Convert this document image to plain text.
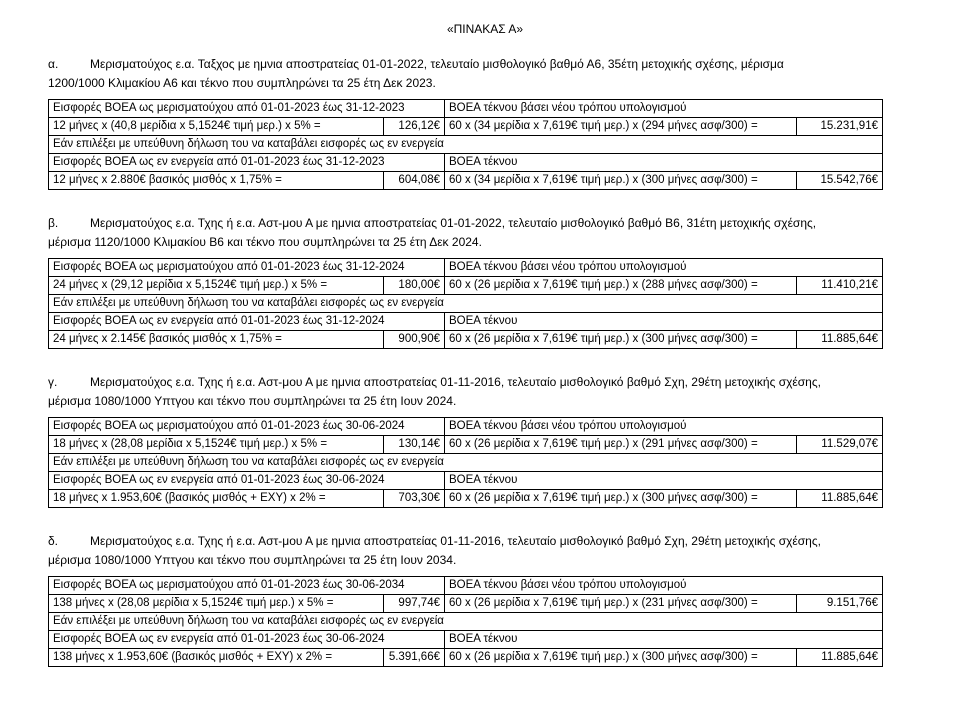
«ΠΙΝΑΚΑΣ Α»

α.	Μερισματούχος ε.α. Ταξχος με ημνια αποστρατείας 01-01-2022, τελευταίο μισθολογικό βαθμό Α6, 35έτη μετοχικής σχέσης, μέρισμα
1200/1000 Κλιμακίου Α6 και τέκνο που συμπληρώνει τα 25 έτη Δεκ 2023.

Εισφορές ΒΟΕΑ ως μερισματούχου από 01-01-2023 έως 31-12-2023		ΒΟΕΑ τέκνου βάσει νέου τρόπου υπολογισμού	
12 μήνες x (40,8 μερίδια x 5,1524€ τιμή μερ.) x 5% =	126,12€	60 x (34 μερίδια x 7,619€ τιμή μερ.) x (294 μήνες ασφ/300) =	15.231,91€
Εάν επιλέξει με υπεύθυνη δήλωση του να καταβάλει εισφορές ως εν ενεργεία			
Εισφορές ΒΟΕΑ ως εν ενεργεία από 01-01-2023 έως 31-12-2023		ΒΟΕΑ τέκνου	
12 μήνες x 2.880€ βασικός μισθός x 1,75% =	604,08€	60 x (34 μερίδια x 7,619€ τιμή μερ.) x (300 μήνες ασφ/300) =	15.542,76€

β.	Μερισματούχος ε.α. Τχης ή ε.α. Αστ-μου Α με ημνια αποστρατείας 01-01-2022, τελευταίο μισθολογικό βαθμό Β6, 31έτη μετοχικής σχέσης,
μέρισμα 1120/1000 Κλιμακίου Β6 και τέκνο που συμπληρώνει τα 25 έτη Δεκ 2024.

Εισφορές ΒΟΕΑ ως μερισματούχου από 01-01-2023 έως 31-12-2024		ΒΟΕΑ τέκνου βάσει νέου τρόπου υπολογισμού	
24 μήνες x (29,12 μερίδια x 5,1524€ τιμή μερ.) x 5% =	180,00€	60 x (26 μερίδια x 7,619€ τιμή μερ.) x (288 μήνες ασφ/300) =	11.410,21€
Εάν επιλέξει με υπεύθυνη δήλωση του να καταβάλει εισφορές ως εν ενεργεία			
Εισφορές ΒΟΕΑ ως εν ενεργεία από 01-01-2023 έως 31-12-2024		ΒΟΕΑ τέκνου	
24 μήνες x 2.145€ βασικός μισθός x 1,75% =	900,90€	60 x (26 μερίδια x 7,619€ τιμή μερ.) x (300 μήνες ασφ/300) =	11.885,64€

γ.	Μερισματούχος ε.α. Τχης ή ε.α. Αστ-μου Α με ημνια αποστρατείας 01-11-2016, τελευταίο μισθολογικό βαθμό Σχη, 29έτη μετοχικής σχέσης,
μέρισμα 1080/1000 Υπτγου και τέκνο που συμπληρώνει τα 25 έτη Ιουν 2024.

Εισφορές ΒΟΕΑ ως μερισματούχου από 01-01-2023 έως 30-06-2024		ΒΟΕΑ τέκνου βάσει νέου τρόπου υπολογισμού	
18 μήνες x (28,08 μερίδια x 5,1524€ τιμή μερ.) x 5% =	130,14€	60 x (26 μερίδια x 7,619€ τιμή μερ.) x (291 μήνες ασφ/300) =	11.529,07€
Εάν επιλέξει με υπεύθυνη δήλωση του να καταβάλει εισφορές ως εν ενεργεία			
Εισφορές ΒΟΕΑ ως εν ενεργεία από 01-01-2023 έως 30-06-2024		ΒΟΕΑ τέκνου	
18 μήνες x 1.953,60€ (βασικός μισθός + ΕΧΥ) x 2% =	703,30€	60 x (26 μερίδια x 7,619€ τιμή μερ.) x (300 μήνες ασφ/300) =	11.885,64€

δ.	Μερισματούχος ε.α. Τχης ή ε.α. Αστ-μου Α με ημνια αποστρατείας 01-11-2016, τελευταίο μισθολογικό βαθμό Σχη, 29έτη μετοχικής σχέσης,
μέρισμα 1080/1000 Υπτγου και τέκνο που συμπληρώνει τα 25 έτη Ιουν 2034.

Εισφορές ΒΟΕΑ ως μερισματούχου από 01-01-2023 έως 30-06-2034		ΒΟΕΑ τέκνου βάσει νέου τρόπου υπολογισμού	
138 μήνες x (28,08 μερίδια x 5,1524€ τιμή μερ.) x 5% =	997,74€	60 x (26 μερίδια x 7,619€ τιμή μερ.) x (231 μήνες ασφ/300) =	9.151,76€
Εάν επιλέξει με υπεύθυνη δήλωση του να καταβάλει εισφορές ως εν ενεργεία			
Εισφορές ΒΟΕΑ ως εν ενεργεία από 01-01-2023 έως 30-06-2024		ΒΟΕΑ τέκνου	
138 μήνες x 1.953,60€ (βασικός μισθός + ΕΧΥ) x 2% =	5.391,66€	60 x (26 μερίδια x 7,619€ τιμή μερ.) x (300 μήνες ασφ/300) =	11.885,64€
